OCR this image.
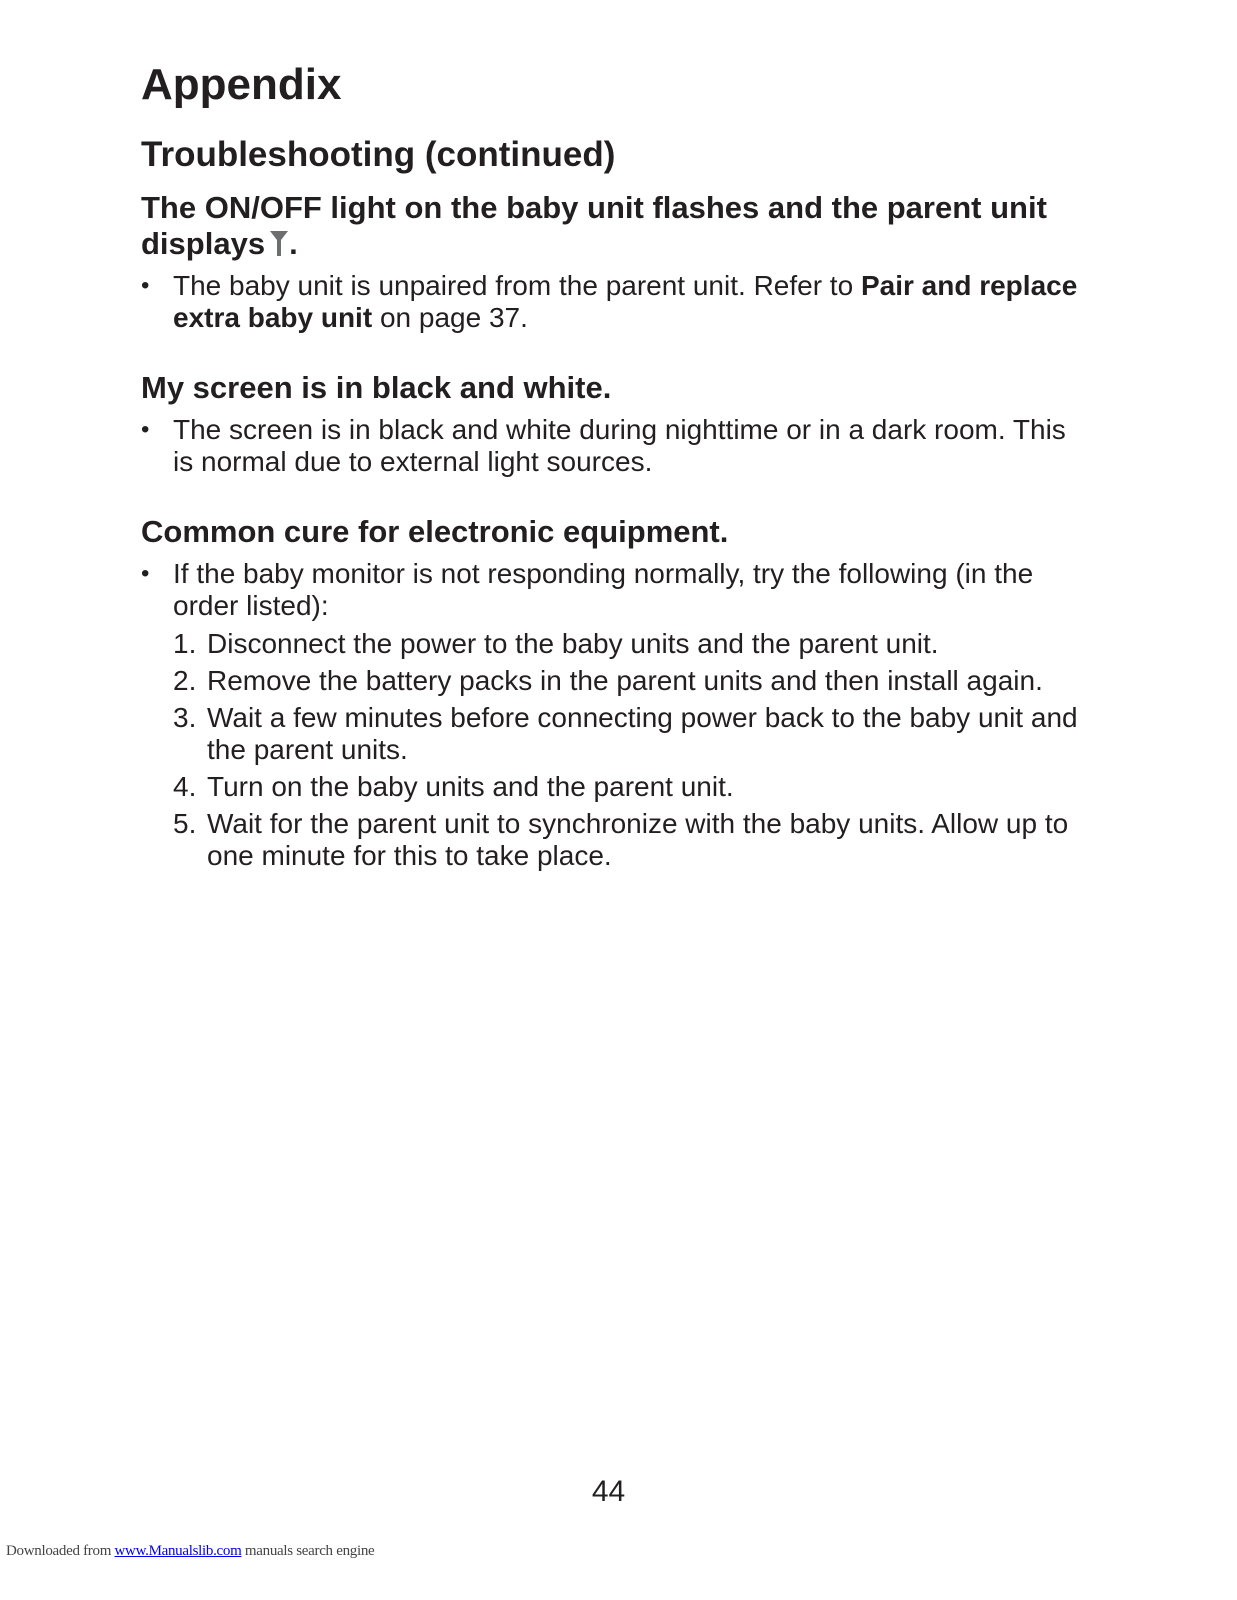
Appendix
Troubleshooting (continued)
The ON/OFF light on the baby unit flashes and the parent unit displays .
• The baby unit is unpaired from the parent unit. Refer to Pair and replace extra baby unit on page 37.
My screen is in black and white.
• The screen is in black and white during nighttime or in a dark room. This is normal due to external light sources.
Common cure for electronic equipment.
• If the baby monitor is not responding normally, try the following (in the order listed):
1. Disconnect the power to the baby units and the parent unit.
2. Remove the battery packs in the parent units and then install again.
3. Wait a few minutes before connecting power back to the baby unit and the parent units.
4. Turn on the baby units and the parent unit.
5. Wait for the parent unit to synchronize with the baby units. Allow up to one minute for this to take place.
44
Downloaded from www.Manualslib.com manuals search engine
